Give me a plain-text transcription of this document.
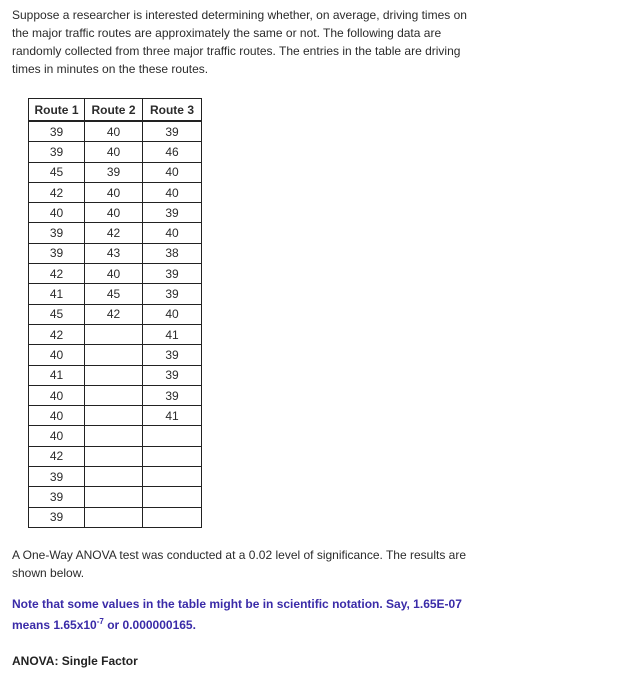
Suppose a researcher is interested determining whether, on average, driving times on the major traffic routes are approximately the same or not. The following data are randomly collected from three major traffic routes. The entries in the table are driving times in minutes on the these routes.

Route 1	Route 2	Route 3
39	40	39
39	40	46
45	39	40
42	40	40
40	40	39
39	42	40
39	43	38
42	40	39
41	45	39
45	42	40
42		41
40		39
41		39
40		39
40		41
40		
42		
39		
39		
39		

A One-Way ANOVA test was conducted at a 0.02 level of significance. The results are shown below.

Note that some values in the table might be in scientific notation. Say, 1.65E-07 means $1.65x10^{-7}$ or 0.000000165.
ANOVA: Single Factor
